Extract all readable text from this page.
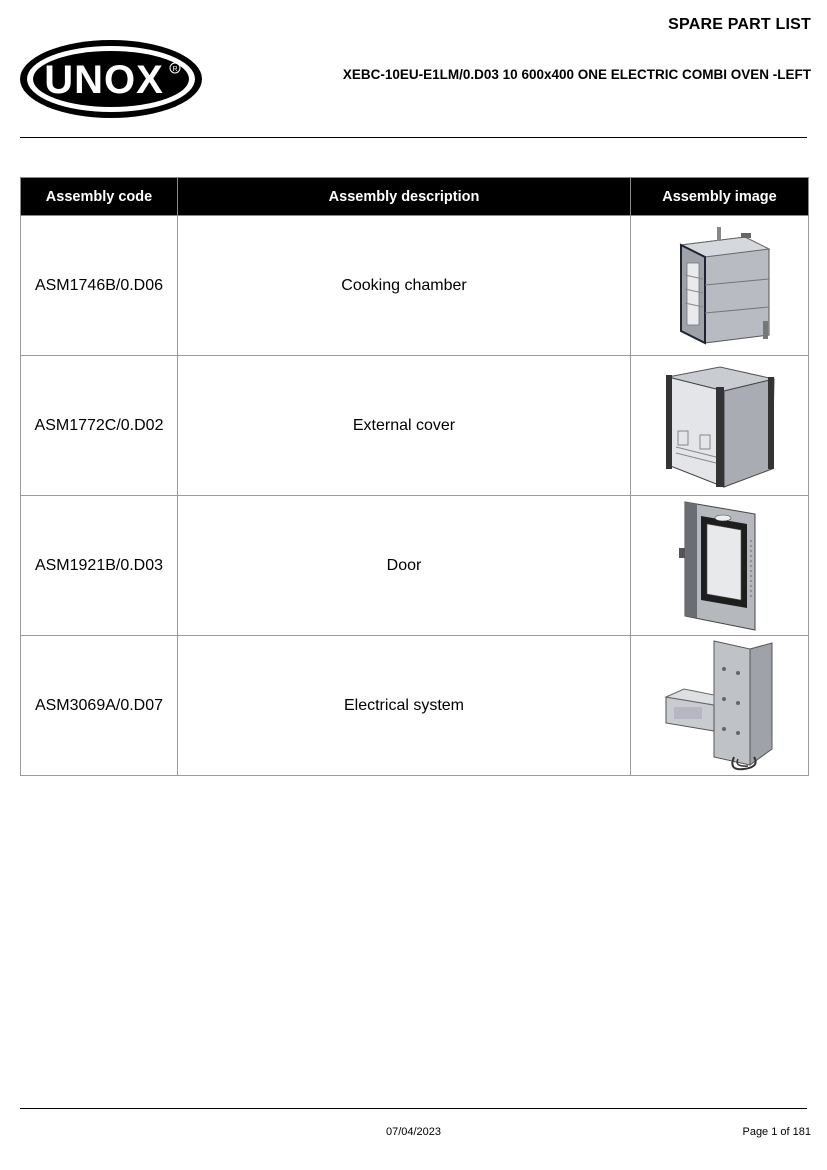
UNOX R
SPARE PART LIST
XEBC-10EU-E1LM/0.D03 10 600x400 ONE ELECTRIC COMBI OVEN -LEFT
Assembly code	Assembly description	Assembly image
ASM1746B/0.D06	Cooking chamber	

ASM1772C/0.D02	External cover	

ASM1921B/0.D03	Door	

ASM3069A/0.D07	Electrical system	
07/04/2023	Page 1 of 181
